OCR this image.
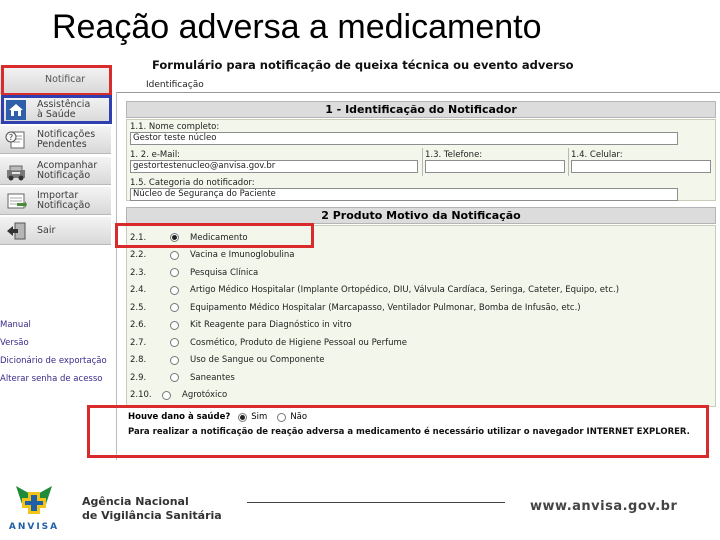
Reação adversa a medicamento
Notificar
Assistência
à Saúde
?	Notificações
Pendentes
Acompanhar
Notificação
Importar
Notificação
Sair
Manual
Versão
Dicionário de exportação
Alterar senha de acesso
Formulário para notificação de queixa técnica ou evento adverso
Identificação
1 - Identificação do Notificador
1.1. Nome completo:
Gestor teste núcleo
1. 2. e-Mail:
gestortestenucleo@anvisa.gov.br
1.3. Telefone:	1.4. Celular:
1.5. Categoria do notificador:
Núcleo de Segurança do Paciente
2 Produto Motivo da Notificação
2.1.	Medicamento
2.2.	Vacina e Imunoglobulina
2.3.	Pesquisa Clínica
2.4.	Artigo Médico Hospitalar (Implante Ortopédico, DIU, Válvula Cardíaca, Seringa, Cateter, Equipo, etc.)
2.5.	Equipamento Médico Hospitalar (Marcapasso, Ventilador Pulmonar, Bomba de Infusão, etc.)
2.6.	Kit Reagente para Diagnóstico in vitro
2.7.	Cosmético, Produto de Higiene Pessoal ou Perfume
2.8.	Uso de Sangue ou Componente
2.9.	Saneantes
2.10.	Agrotóxico
Houve dano à saúde? Sim	Não
Para realizar a notificação de reação adversa a medicamento é necessário utilizar o navegador INTERNET EXPLORER.
ANVISA
Agência Nacional
de Vigilância Sanitária
www.anvisa.gov.br
